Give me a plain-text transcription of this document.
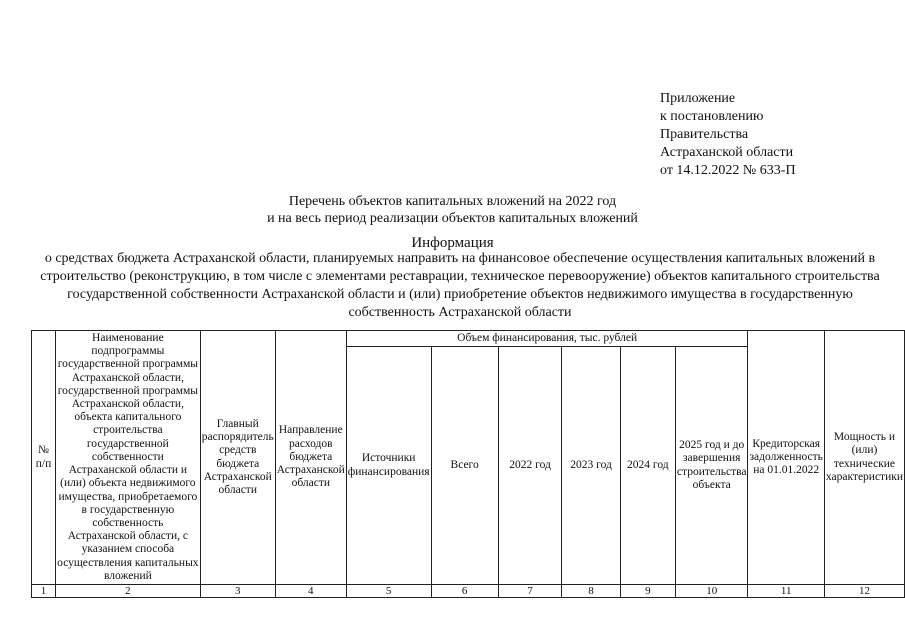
Приложение
к постановлению
Правительства
Астраханской области
от 14.12.2022 № 633-П
Перечень объектов капитальных вложений на 2022 год
и на весь период реализации объектов капитальных вложений
Информация
о средствах бюджета Астраханской области, планируемых направить на финансовое обеспечение осуществления капитальных вложений в строительство (реконструкцию, в том числе с элементами реставрации, техническое перевооружение) объектов капитального строительства государственной собственности Астраханской области и (или) приобретение объектов недвижимого имущества в государственную собственность Астраханской области
№ п/п	Наименование подпрограммы государственной программы Астраханской области, государственной программы Астраханской области, объекта капитального строительства государственной собственности Астраханской области и (или) объекта недвижимого имущества, приобретаемого в государственную собственность Астраханской области, с указанием способа осуществления капитальных вложений	Главный распорядитель средств бюджета Астраханской области	Направление расходов бюджета Астраханской области	Объем финансирования, тыс. рублей						Кредиторская задолженность на 01.01.2022	Мощность и (или) технические характеристики
				Источники финансирования	Всего	2022 год	2023 год	2024 год	2025 год и до завершения строительства объекта		
1	2	3	4	5	6	7	8	9	10	11	12
